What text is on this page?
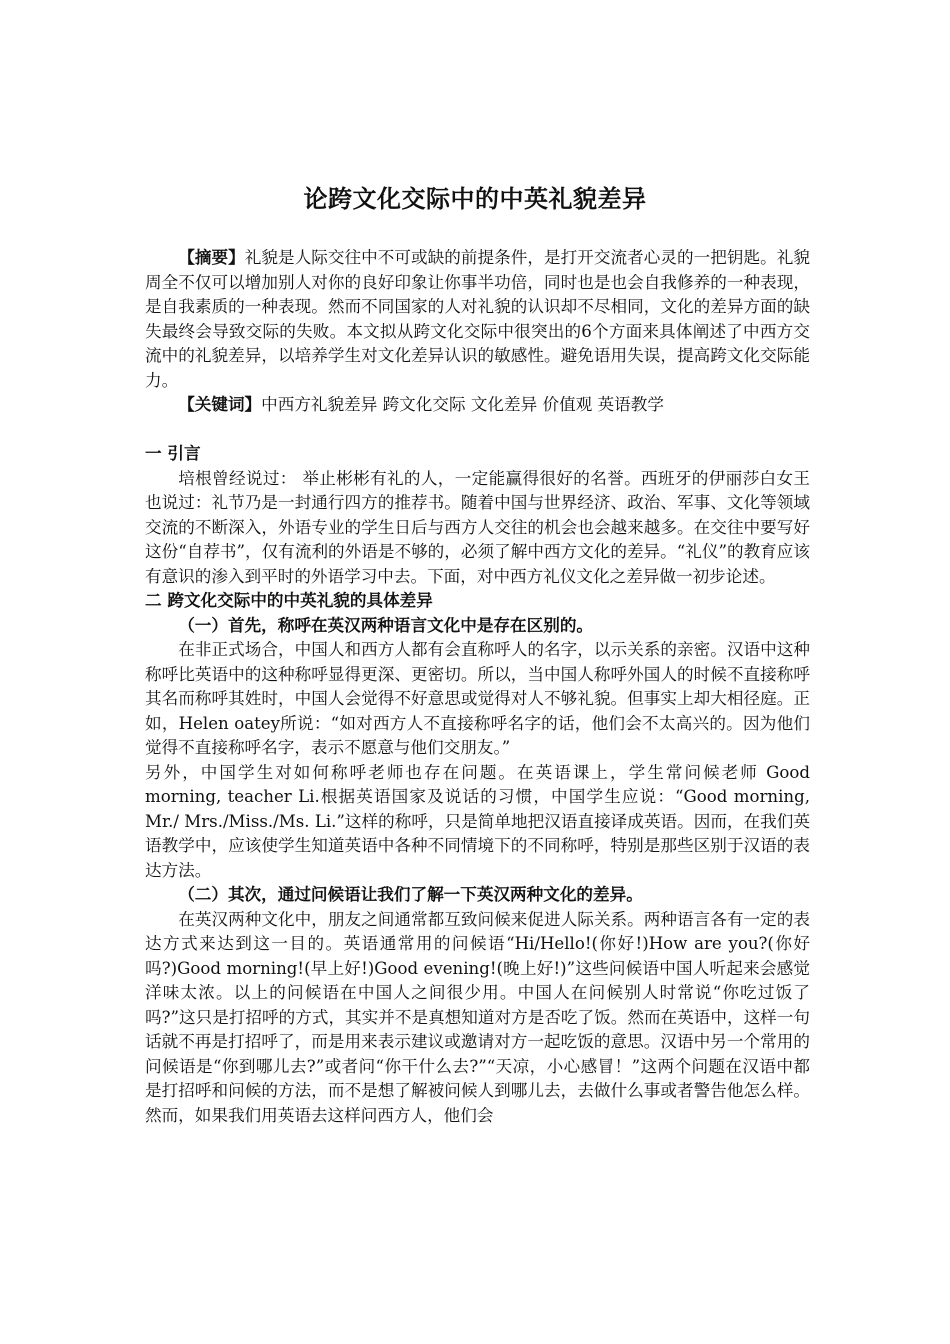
论跨文化交际中的中英礼貌差异

【摘要】礼貌是人际交往中不可或缺的前提条件，是打开交流者心灵的一把钥匙。礼貌周全不仅可以增加别人对你的良好印象让你事半功倍，同时也是也会自我修养的一种表现，是自我素质的一种表现。然而不同国家的人对礼貌的认识却不尽相同，文化的差异方面的缺失最终会导致交际的失败。本文拟从跨文化交际中很突出的6个方面来具体阐述了中西方交流中的礼貌差异，以培养学生对文化差异认识的敏感性。避免语用失误，提高跨文化交际能力。

【关键词】中西方礼貌差异 跨文化交际 文化差异 价值观 英语教学

一 引言

培根曾经说过： 举止彬彬有礼的人，一定能赢得很好的名誉。西班牙的伊丽莎白女王也说过：礼节乃是一封通行四方的推荐书。随着中国与世界经济、政治、军事、文化等领域交流的不断深入，外语专业的学生日后与西方人交往的机会也会越来越多。在交往中要写好这份“自荐书”，仅有流利的外语是不够的，必须了解中西方文化的差异。“礼仪”的教育应该有意识的渗入到平时的外语学习中去。下面，对中西方礼仪文化之差异做一初步论述。

二 跨文化交际中的中英礼貌的具体差异

（一）首先，称呼在英汉两种语言文化中是存在区别的。

在非正式场合，中国人和西方人都有会直称呼人的名字，以示关系的亲密。汉语中这种称呼比英语中的这种称呼显得更深、更密切。所以，当中国人称呼外国人的时候不直接称呼其名而称呼其姓时，中国人会觉得不好意思或觉得对人不够礼貌。但事实上却大相径庭。正如，Helen oatey所说：“如对西方人不直接称呼名字的话，他们会不太高兴的。因为他们觉得不直接称呼名字，表示不愿意与他们交朋友。”

另外，中国学生对如何称呼老师也存在问题。在英语课上，学生常问候老师 Good morning, teacher Li.根据英语国家及说话的习惯，中国学生应说：“Good morning, Mr./ Mrs./Miss./Ms. Li.”这样的称呼，只是简单地把汉语直接译成英语。因而，在我们英语教学中，应该使学生知道英语中各种不同情境下的不同称呼，特别是那些区别于汉语的表达方法。

（二）其次，通过问候语让我们了解一下英汉两种文化的差异。

在英汉两种文化中，朋友之间通常都互致问候来促进人际关系。两种语言各有一定的表达方式来达到这一目的。英语通常用的问候语“Hi/Hello!(你好!)How are you?(你好吗?)Good morning!(早上好!)Good evening!(晚上好!)”这些问候语中国人听起来会感觉洋味太浓。以上的问候语在中国人之间很少用。中国人在问候别人时常说“你吃过饭了吗?”这只是打招呼的方式，其实并不是真想知道对方是否吃了饭。然而在英语中，这样一句话就不再是打招呼了，而是用来表示建议或邀请对方一起吃饭的意思。汉语中另一个常用的问候语是“你到哪儿去?”或者问“你干什么去?”“天凉，小心感冒！”这两个问题在汉语中都是打招呼和问候的方法，而不是想了解被问候人到哪儿去，去做什么事或者警告他怎么样。然而，如果我们用英语去这样问西方人，他们会
